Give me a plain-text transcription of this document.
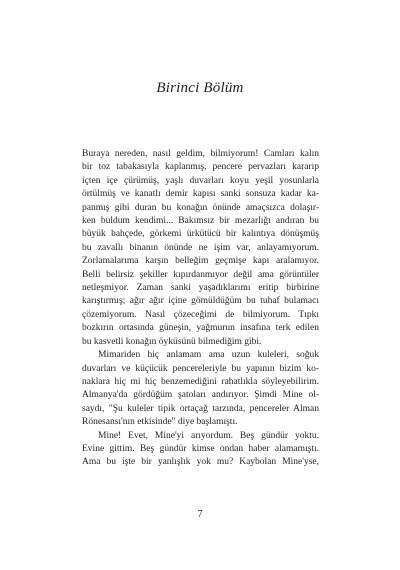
Birinci Bölüm

Buraya nereden, nasıl geldim, bilmiyorum! Camları kalın
bir toz tabakasıyla kaplanmış, pencere pervazları kararıp
içten içe çürümüş, yaşlı duvarları koyu yeşil yosunlarla
örtülmüş ve kanatlı demir kapısı sanki sonsuza kadar ka-
panmış gibi duran bu konağın önünde amaçsızca dolaşır-
ken buldum kendimi... Bakımsız bir mezarlığı andıran bu
büyük bahçede, görkemi ürkütücü bir kalıntıya dönüşmüş
bu zavallı binanın önünde ne işim var, anlayamıyorum.
Zorlamalarıma karşın belleğim geçmişe kapı aralamıyor.
Belli belirsiz şekiller kıpırdanmıyor değil ama görüntüler
netleşmiyor. Zaman sanki yaşadıklarımı eritip birbirine
karıştırmış; ağır ağır içine gömüldüğüm bu tuhaf bulamacı
çözemiyorum. Nasıl çözeceğimi de bilmiyorum. Tıpkı
bozkırın ortasında güneşin, yağmurun insafına terk edilen
bu kasvetli konağın öyküsünü bilmediğim gibi.

Mimariden hiç anlamam ama uzun kuleleri, soğuk
duvarları ve küçücük pencereleriyle bu yapının bizim ko-
naklara hiç mi hiç benzemediğini rahatlıkla söyleyebilirim.
Almanya'da gördüğüm şatoları andırıyor. Şimdi Mine ol-
saydı, "Şu kuleler tipik ortaçağ tarzında, pencereler Alman
Rönesansı'nın etkisinde" diye başlamıştı.

Mine! Evet, Mine'yi arıyordum. Beş gündür yoktu.
Evine gittim. Beş gündür kimse ondan haber alamamıştı.
Ama bu işte bir yanlışlık yok mu? Kaybolan Mine'yse,

7
